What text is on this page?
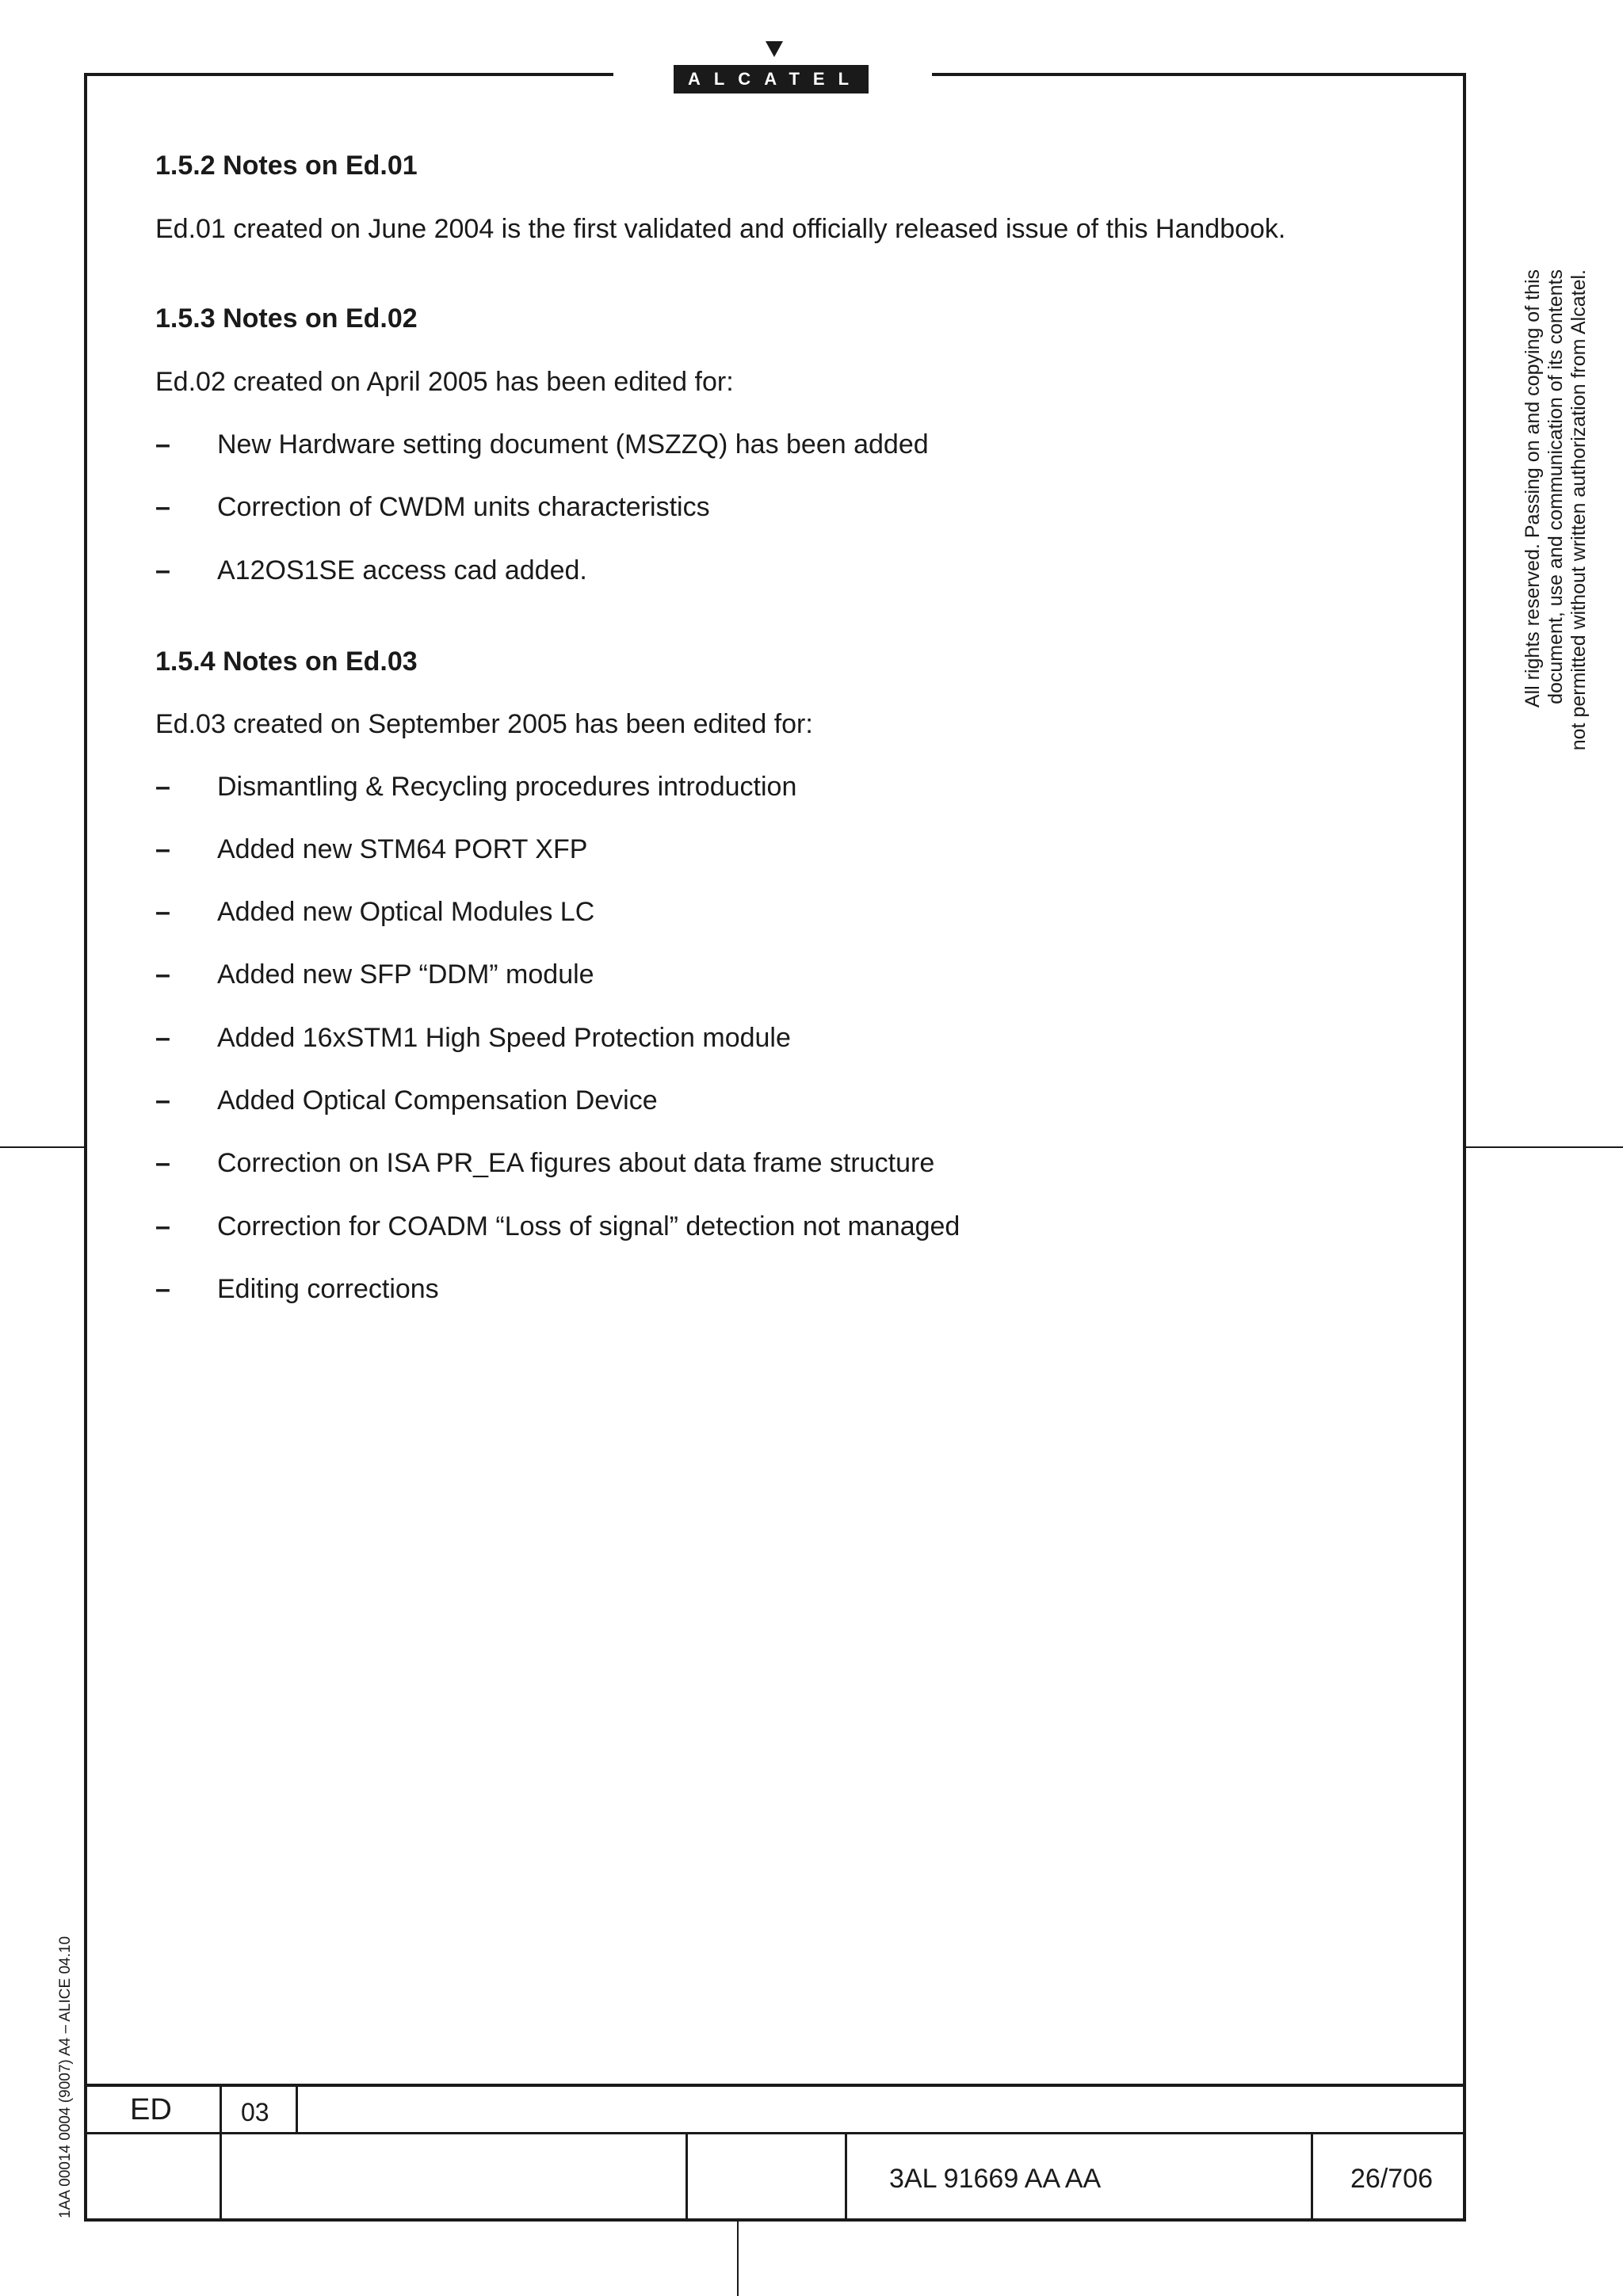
ALCATEL
1.5.2 Notes on Ed.01
Ed.01 created on June 2004 is the first validated and officially released issue of this Handbook.
1.5.3 Notes on Ed.02
Ed.02 created on April 2005 has been edited for:
– New Hardware setting document (MSZZQ) has been added
– Correction of CWDM units characteristics
– A12OS1SE access cad added.
1.5.4 Notes on Ed.03
Ed.03 created on September 2005 has been edited for:
– Dismantling & Recycling procedures introduction
– Added new STM64 PORT XFP
– Added new Optical Modules LC
– Added new SFP “DDM” module
– Added 16xSTM1 High Speed Protection module
– Added Optical Compensation Device
– Correction on ISA PR_EA figures about data frame structure
– Correction for COADM “Loss of signal” detection not managed
– Editing corrections
All rights reserved. Passing on and copying of this document, use and communication of its contents not permitted without written authorization from Alcatel.
1AA 00014 0004 (9007) A4 – ALICE 04.10 ED	03
3AL 91669 AA AA	26/706
